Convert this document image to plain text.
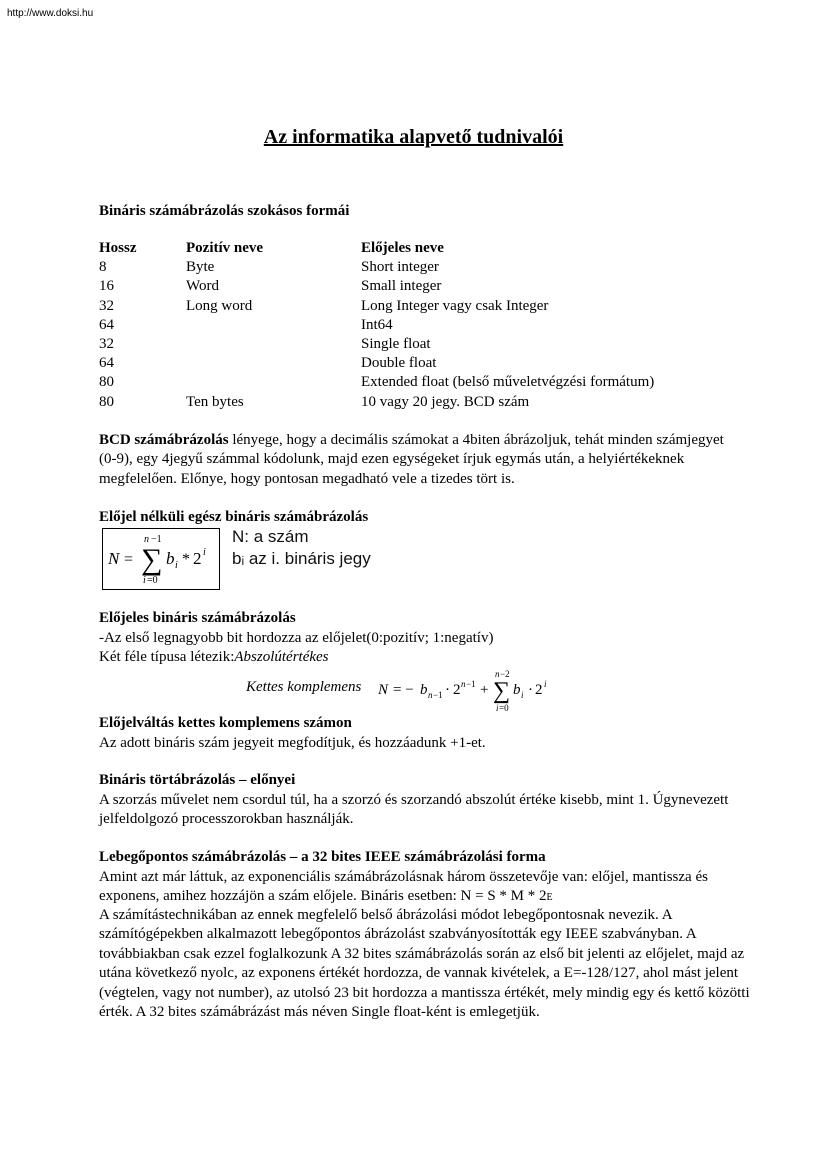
http://www.doksi.hu
Az informatika alapvető tudnivalói
Bináris számábrázolás szokásos formái
Hossz	Pozitív neve	Előjeles neve
8	Byte	Short integer
16	Word	Small integer
32	Long word	Long Integer vagy csak Integer
64		Int64
32		Single float
64		Double float
80		Extended float (belső műveletvégzési formátum)
80	Ten bytes	10 vagy 20 jegy. BCD szám
BCD számábrázolás lényege, hogy a decimális számokat a 4biten ábrázoljuk, tehát minden számjegyet (0-9), egy 4jegyű számmal kódolunk, majd ezen egységeket írjuk egymás után, a helyiértékeknek megfelelően. Előnye, hogy pontosan megadható vele a tizedes tört is.
Előjel nélküli egész bináris számábrázolás
N =
n −1
∑
i =0
b i * 2 i
N: a szám
bᵢ az i. bináris jegy
Előjeles bináris számábrázolás
-Az első legnagyobb bit hordozza az előjelet(0:pozitív; 1:negatív)
Két féle típusa létezik:Abszolútértékes
Kettes komplemens N = − b n −1 · 2 n −1 +
n −2
∑
i =0
b i · 2 i
Előjelváltás kettes komplemens számon
Az adott bináris szám jegyeit megfodítjuk, és hozzáadunk +1-et.
Bináris törtábrázolás – előnyei
A szorzás művelet nem csordul túl, ha a szorzó és szorzandó abszolút értéke kisebb, mint 1. Úgynevezett jelfeldolgozó processzorokban használják.
Lebegőpontos számábrázolás – a 32 bites IEEE számábrázolási forma
Amint azt már láttuk, az exponenciális számábrázolásnak három összetevője van: előjel, mantissza és exponens, amihez hozzájön a szám előjele. Bináris esetben: N = S * M * 2E
A számítástechnikában az ennek megfelelő belső ábrázolási módot lebegőpontosnak nevezik. A számítógépekben alkalmazott lebegőpontos ábrázolást szabványosították egy IEEE szabványban. A továbbiakban csak ezzel foglalkozunk A 32 bites számábrázolás során az első bit jelenti az előjelet, majd az utána következő nyolc, az exponens értékét hordozza, de vannak kivételek, a E=-128/127, ahol mást jelent (végtelen, vagy not number), az utolsó 23 bit hordozza a mantissza értékét, mely mindig egy és kettő közötti érték. A 32 bites számábrázást más néven Single float-ként is emlegetjük.
